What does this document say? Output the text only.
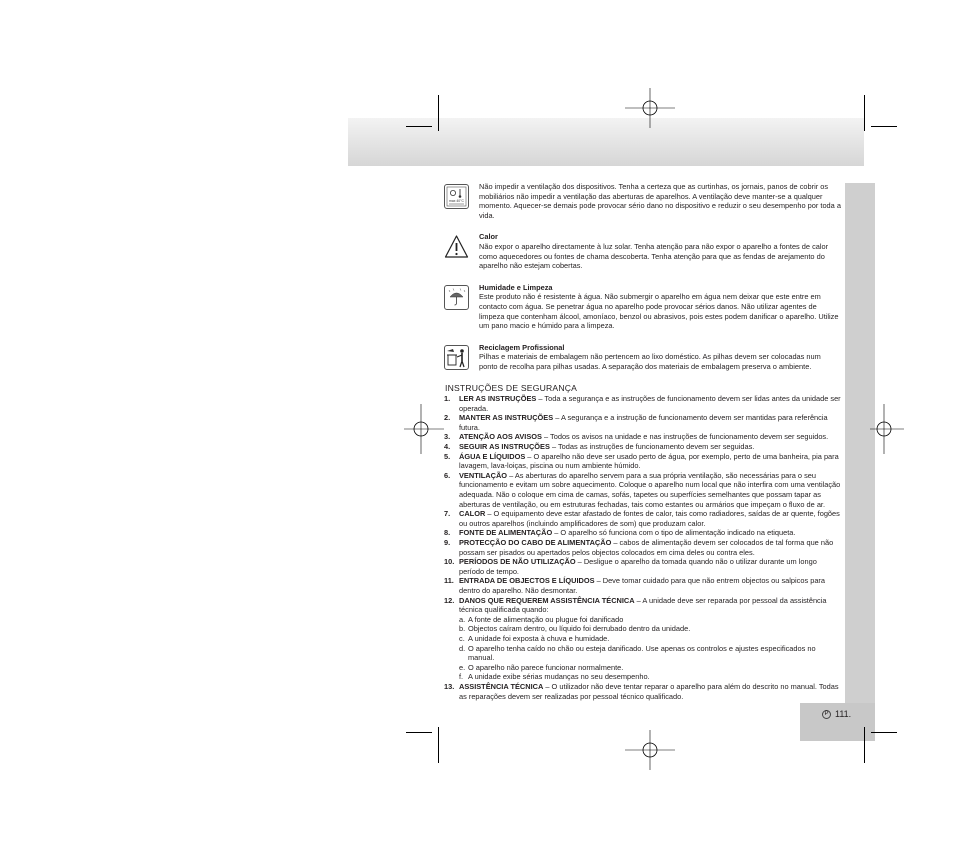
P 111.
max 40°C
Não impedir a ventilação dos dispositivos. Tenha a certeza que as curtinhas, os jornais, panos de cobrir os mobiliários não impedir a ventilação das aberturas de aparelhos. A ventilação deve manter-se a qualquer momento. Aquecer-se demais pode provocar sério dano no dispositivo e reduzir o seu desempenho por toda a vida.
Calor
Não expor o aparelho directamente à luz solar. Tenha atenção para não expor o aparelho a fontes de calor como aquecedores ou fontes de chama descoberta. Tenha atenção para que as fendas de arejamento do aparelho não estejam cobertas.
Humidade e Limpeza
Este produto não é resistente à água. Não submergir o aparelho em água nem deixar que este entre em contacto com água. Se penetrar água no aparelho pode provocar sérios danos. Não utilizar agentes de limpeza que contenham álcool, amoníaco, benzol ou abrasivos, pois estes podem danificar o aparelho. Utilize um pano macio e húmido para a limpeza.
Reciclagem Profissional
Pilhas e materiais de embalagem não pertencem ao lixo doméstico. As pilhas devem ser colocadas num ponto de recolha para pilhas usadas. A separação dos materiais de embalagem preserva o ambiente.
INSTRUÇÕES DE SEGURANÇA
1.	LER AS INSTRUÇÕES – Toda a segurança e as instruções de funcionamento devem ser lidas antes da unidade ser operada.
2.	MANTER AS INSTRUÇÕES – A segurança e a instrução de funcionamento devem ser mantidas para referência futura.
3.	ATENÇÃO AOS AVISOS – Todos os avisos na unidade e nas instruções de funcionamento devem ser seguidos.
4.	SEGUIR AS INSTRUÇÕES – Todas as instruções de funcionamento devem ser seguidas.
5.	ÁGUA E LÍQUIDOS – O aparelho não deve ser usado perto de água, por exemplo, perto de uma banheira, pia para lavagem, lava-loiças, piscina ou num ambiente húmido.
6.	VENTILAÇÃO – As aberturas do aparelho servem para a sua própria ventilação, são necessárias para o seu funcionamento e evitam um sobre aquecimento. Coloque o aparelho num local que não interfira com uma ventilação adequada. Não o coloque em cima de camas, sofás, tapetes ou superfícies semelhantes que possam tapar as aberturas de ventilação, ou em estruturas fechadas, tais como estantes ou armários que impeçam o fluxo de ar.
7.	CALOR – O equipamento deve estar afastado de fontes de calor, tais como radiadores, saídas de ar quente, fogões ou outros aparelhos (incluindo amplificadores de som) que produzam calor.
8.	FONTE DE ALIMENTAÇÃO – O aparelho só funciona com o tipo de alimentação indicado na etiqueta.
9.	PROTECÇÃO DO CABO DE ALIMENTAÇÃO – cabos de alimentação devem ser colocados de tal forma que não possam ser pisados ou apertados pelos objectos colocados em cima deles ou contra eles.
10. PERÍODOS DE NÃO UTILIZAÇÃO – Desligue o aparelho da tomada quando não o utilizar durante um longo período de tempo.
11. ENTRADA DE OBJECTOS E LÍQUIDOS – Deve tomar cuidado para que não entrem objectos ou salpicos para dentro do aparelho. Não desmontar.
12. DANOS QUE REQUEREM ASSISTÊNCIA TÉCNICA – A unidade deve ser reparada por pessoal da assistência técnica qualificada quando:
a. A fonte de alimentação ou plugue foi danificado
b. Objectos caíram dentro, ou líquido foi derrubado dentro da unidade.
c. A unidade foi exposta à chuva e humidade.
d. O aparelho tenha caído no chão ou esteja danificado. Use apenas os controlos e ajustes especificados no manual.
e. O aparelho não parece funcionar normalmente.
f. A unidade exibe sérias mudanças no seu desempenho.
13. ASSISTÊNCIA TÉCNICA – O utilizador não deve tentar reparar o aparelho para além do descrito no manual. Todas as reparações devem ser realizadas por pessoal técnico qualificado.
